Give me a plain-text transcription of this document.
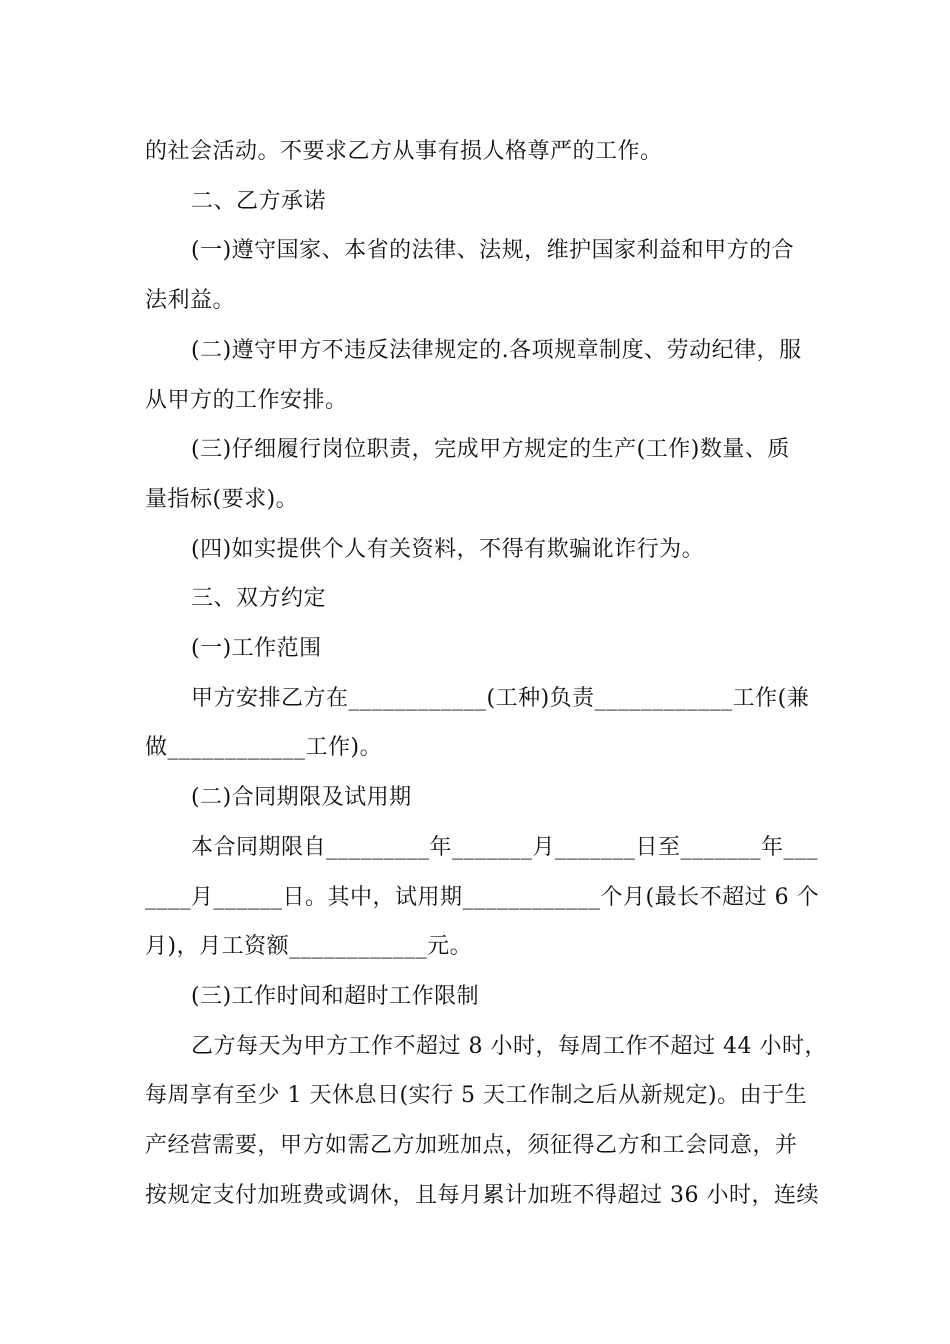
的社会活动。不要求乙方从事有损人格尊严的工作。

二、乙方承诺

(一)遵守国家、本省的法律、法规，维护国家利益和甲方的合

法利益。

(二)遵守甲方不违反法律规定的.各项规章制度、劳动纪律，服

从甲方的工作安排。

(三)仔细履行岗位职责，完成甲方规定的生产(工作)数量、质

量指标(要求)。

(四)如实提供个人有关资料，不得有欺骗讹诈行为。

三、双方约定

(一)工作范围

甲方安排乙方在____________(工种)负责____________工作(兼

做____________工作)。

(二)合同期限及试用期

本合同期限自_________年_______月_______日至_______年___

____月______日。其中，试用期____________个月(最长不超过 6 个

月)，月工资额____________元。

(三)工作时间和超时工作限制

乙方每天为甲方工作不超过 8 小时，每周工作不超过 44 小时，

每周享有至少 1 天休息日(实行 5 天工作制之后从新规定)。由于生

产经营需要，甲方如需乙方加班加点，须征得乙方和工会同意，并

按规定支付加班费或调休，且每月累计加班不得超过 36 小时，连续
